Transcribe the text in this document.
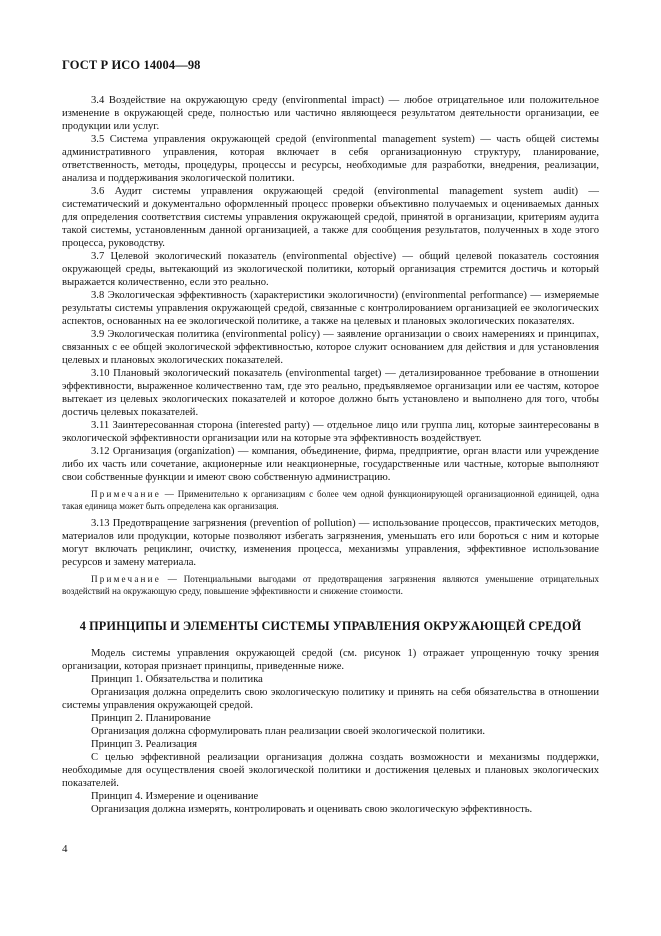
ГОСТ Р ИСО 14004—98

3.4 Воздействие на окружающую среду (environmental impact) — любое отрицательное или положительное изменение в окружающей среде, полностью или частично являющееся результатом деятельности организации, ее продукции или услуг.

3.5 Система управления окружающей средой (environmental management system) — часть общей системы административного управления, которая включает в себя организационную структуру, планирование, ответственность, методы, процедуры, процессы и ресурсы, необходимые для разработки, внедрения, реализации, анализа и поддерживания экологической политики.

3.6 Аудит системы управления окружающей средой (environmental management system audit) — систематический и документально оформленный процесс проверки объективно получаемых и оцениваемых данных для определения соответствия системы управления окружающей средой, принятой в организации, критериям аудита такой системы, установленным данной организацией, а также для сообщения результатов, полученных в ходе этого процесса, руководству.

3.7 Целевой экологический показатель (environmental objective) — общий целевой показатель состояния окружающей среды, вытекающий из экологической политики, который организация стремится достичь и который выражается количественно, если это реально.

3.8 Экологическая эффективность (характеристики экологичности) (environmental performance) — измеряемые результаты системы управления окружающей средой, связанные с контролированием организацией ее экологических аспектов, основанных на ее экологической политике, а также на целевых и плановых экологических показателях.

3.9 Экологическая политика (environmental policy) — заявление организации о своих намерениях и принципах, связанных с ее общей экологической эффективностью, которое служит основанием для действия и для установления целевых и плановых экологических показателей.

3.10 Плановый экологический показатель (environmental target) — детализированное требование в отношении эффективности, выраженное количественно там, где это реально, предъявляемое организации или ее частям, которое вытекает из целевых экологических показателей и которое должно быть установлено и выполнено для того, чтобы достичь целевых показателей.

3.11 Заинтересованная сторона (interested party) — отдельное лицо или группа лиц, которые заинтересованы в экологической эффективности организации или на которые эта эффективность воздействует.

3.12 Организация (organization) — компания, объединение, фирма, предприятие, орган власти или учреждение либо их часть или сочетание, акционерные или неакционерные, государственные или частные, которые выполняют свои собственные функции и имеют свою собственную администрацию.

Примечание — Применительно к организациям с более чем одной функционирующей организационной единицей, одна такая единица может быть определена как организация.

3.13 Предотвращение загрязнения (prevention of pollution) — использование процессов, практических методов, материалов или продукции, которые позволяют избегать загрязнения, уменьшать его или бороться с ним и которые могут включать рециклинг, очистку, изменения процесса, механизмы управления, эффективное использование ресурсов и замену материала.

Примечание — Потенциальными выгодами от предотвращения загрязнения являются уменьшение отрицательных воздействий на окружающую среду, повышение эффективности и снижение стоимости.

4 ПРИНЦИПЫ И ЭЛЕМЕНТЫ СИСТЕМЫ УПРАВЛЕНИЯ ОКРУЖАЮЩЕЙ СРЕДОЙ

Модель системы управления окружающей средой (см. рисунок 1) отражает упрощенную точку зрения организации, которая признает принципы, приведенные ниже.

Принцип 1. Обязательства и политика

Организация должна определить свою экологическую политику и принять на себя обязательства в отношении системы управления окружающей средой.

Принцип 2. Планирование

Организация должна сформулировать план реализации своей экологической политики.

Принцип 3. Реализация

С целью эффективной реализации организация должна создать возможности и механизмы поддержки, необходимые для осуществления своей экологической политики и достижения целевых и плановых экологических показателей.

Принцип 4. Измерение и оценивание

Организация должна измерять, контролировать и оценивать свою экологическую эффективность.

4
